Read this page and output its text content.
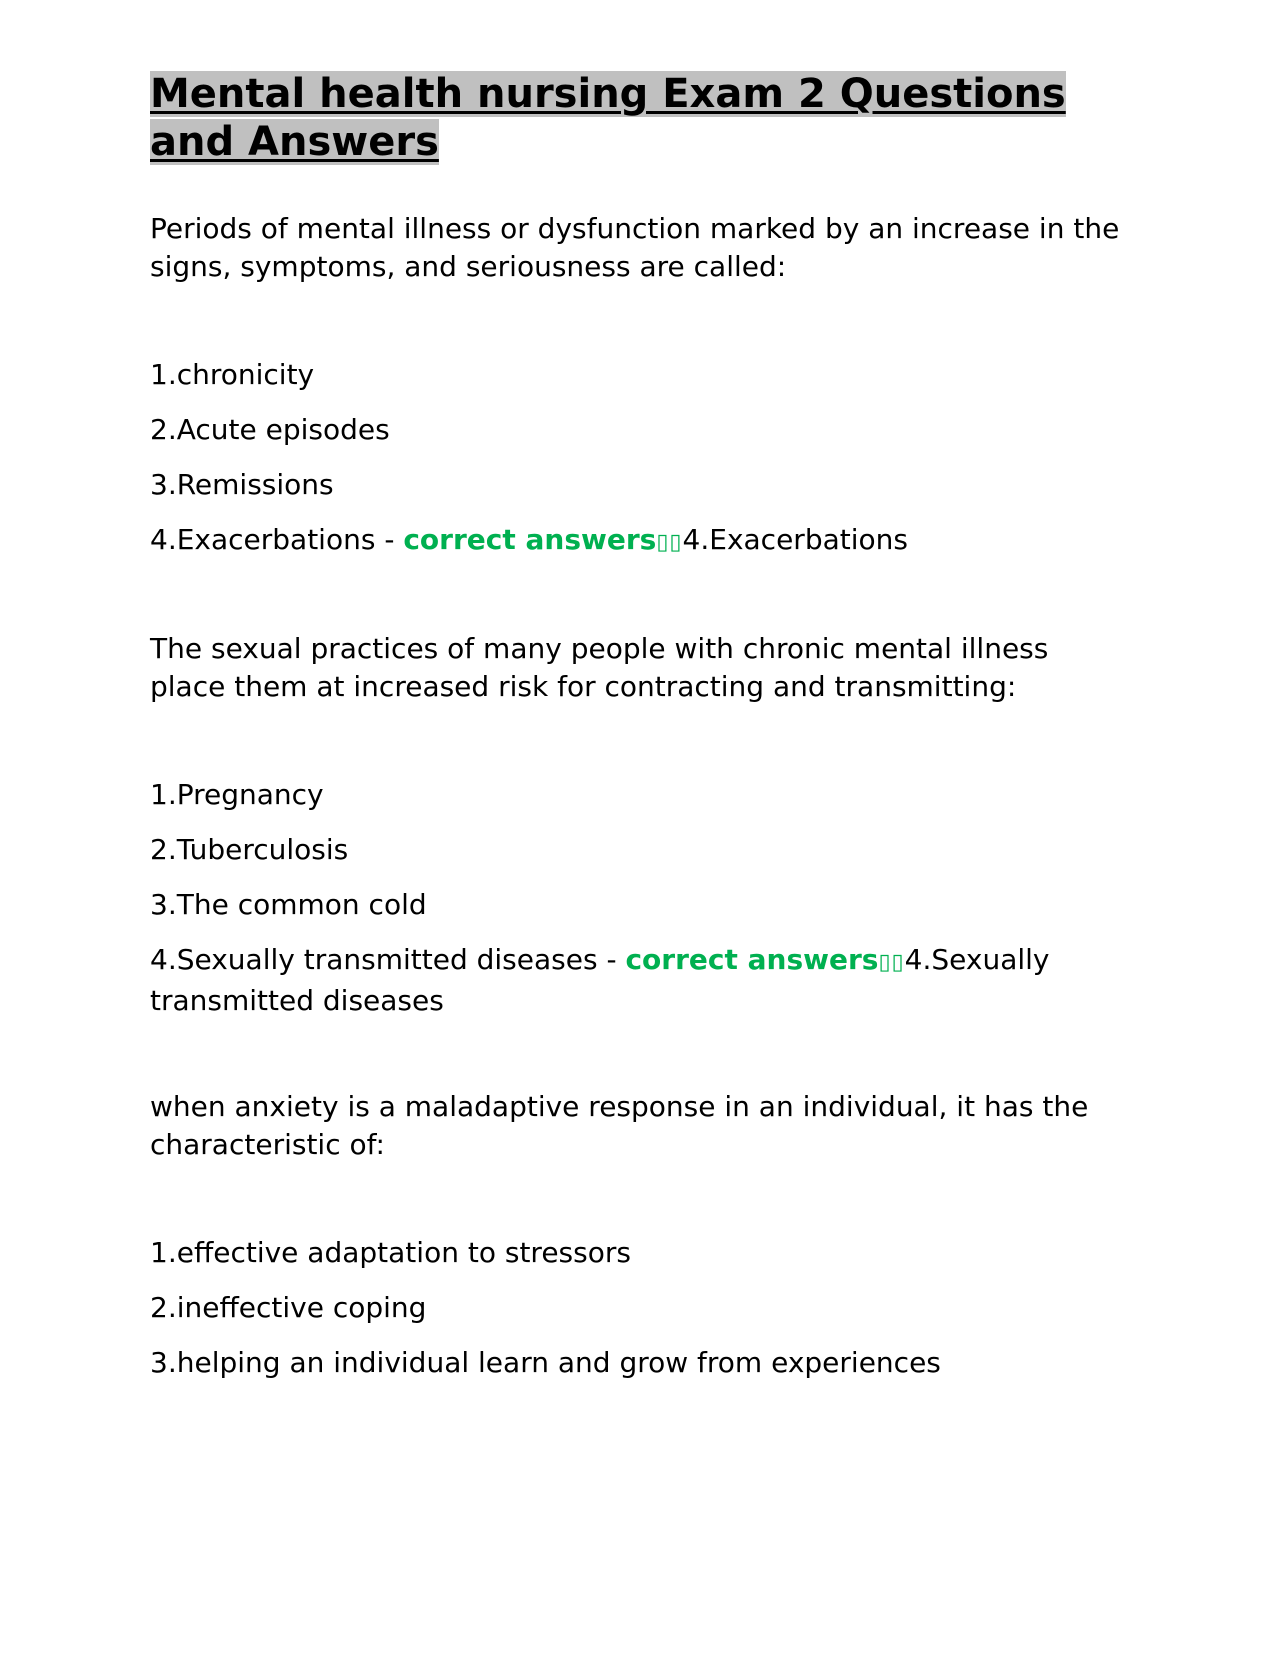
Mental health nursing Exam 2 Questions
and Answers

Periods of mental illness or dysfunction marked by an increase in the signs, symptoms, and seriousness are called:

1.chronicity
2.Acute episodes
3.Remissions
4.Exacerbations - correct answers▯▯4.Exacerbations

The sexual practices of many people with chronic mental illness place them at increased risk for contracting and transmitting:

1.Pregnancy
2.Tuberculosis
3.The common cold
4.Sexually transmitted diseases - correct answers▯▯4.Sexually transmitted diseases

when anxiety is a maladaptive response in an individual, it has the characteristic of:

1.effective adaptation to stressors
2.ineffective coping
3.helping an individual learn and grow from experiences
